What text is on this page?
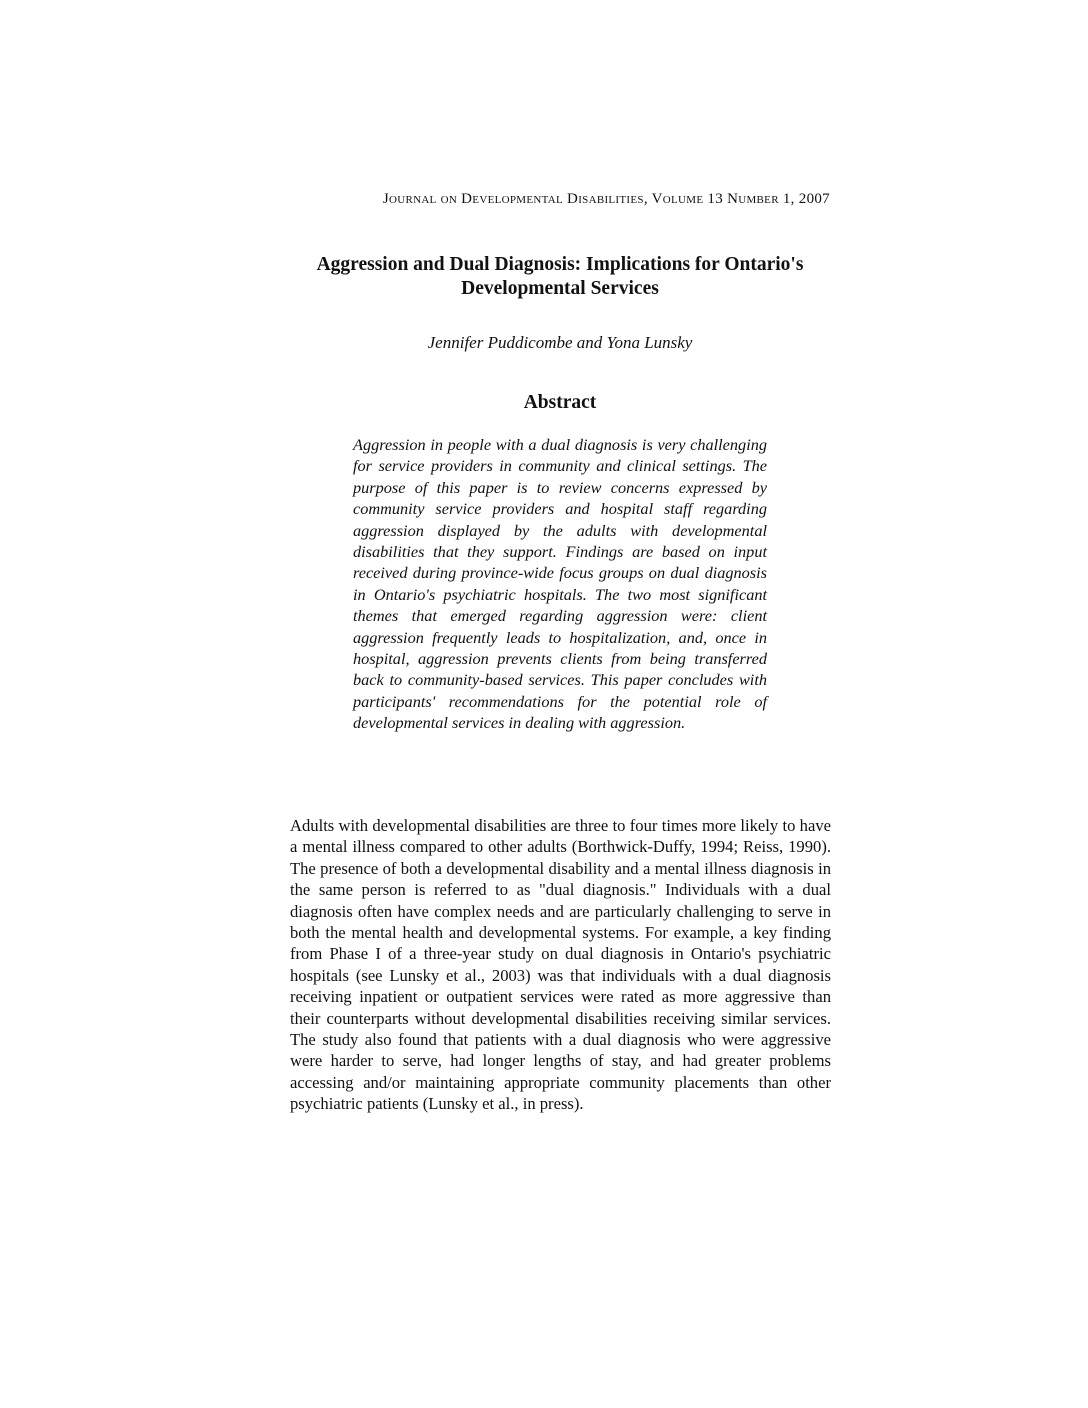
Journal on Developmental Disabilities, Volume 13 Number 1, 2007
Aggression and Dual Diagnosis: Implications for Ontario's
Developmental Services
Jennifer Puddicombe and Yona Lunsky
Abstract

Aggression in people with a dual diagnosis is very challenging for service providers in community and clinical settings. The purpose of this paper is to review concerns expressed by community service providers and hospital staff regarding aggression displayed by the adults with developmental disabilities that they support. Findings are based on input received during province-wide focus groups on dual diagnosis in Ontario's psychiatric hospitals. The two most significant themes that emerged regarding aggression were: client aggression frequently leads to hospitalization, and, once in hospital, aggression prevents clients from being transferred back to community-based services. This paper concludes with participants' recommendations for the potential role of developmental services in dealing with aggression.

Adults with developmental disabilities are three to four times more likely to have a mental illness compared to other adults (Borthwick-Duffy, 1994; Reiss, 1990). The presence of both a developmental disability and a mental illness diagnosis in the same person is referred to as "dual diagnosis." Individuals with a dual diagnosis often have complex needs and are particularly challenging to serve in both the mental health and developmental systems. For example, a key finding from Phase I of a three-year study on dual diagnosis in Ontario's psychiatric hospitals (see Lunsky et al., 2003) was that individuals with a dual diagnosis receiving inpatient or outpatient services were rated as more aggressive than their counterparts without developmental disabilities receiving similar services. The study also found that patients with a dual diagnosis who were aggressive were harder to serve, had longer lengths of stay, and had greater problems accessing and/or maintaining appropriate community placements than other psychiatric patients (Lunsky et al., in press).
